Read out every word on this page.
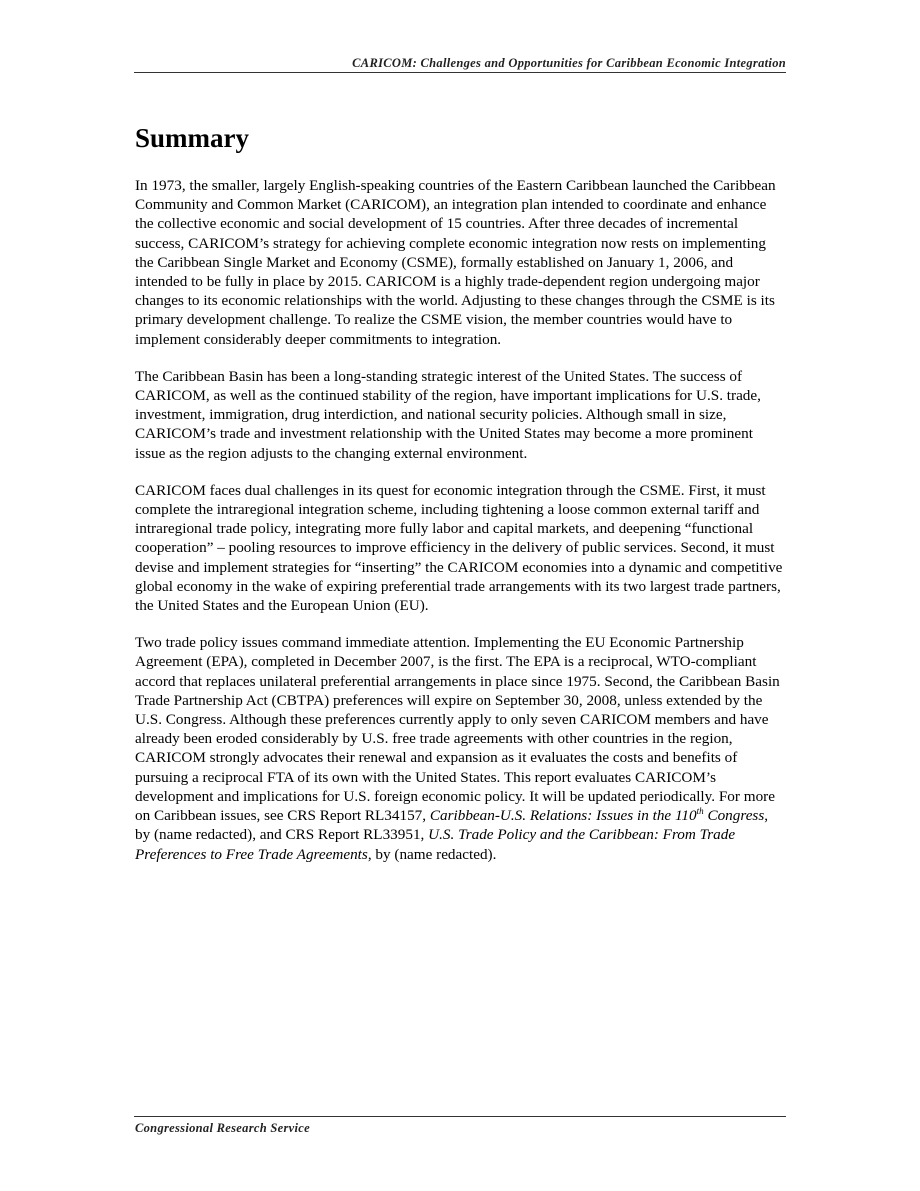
CARICOM: Challenges and Opportunities for Caribbean Economic Integration
Summary

In 1973, the smaller, largely English-speaking countries of the Eastern Caribbean launched the Caribbean Community and Common Market (CARICOM), an integration plan intended to coordinate and enhance the collective economic and social development of 15 countries. After three decades of incremental success, CARICOM’s strategy for achieving complete economic integration now rests on implementing the Caribbean Single Market and Economy (CSME), formally established on January 1, 2006, and intended to be fully in place by 2015. CARICOM is a highly trade-dependent region undergoing major changes to its economic relationships with the world. Adjusting to these changes through the CSME is its primary development challenge. To realize the CSME vision, the member countries would have to implement considerably deeper commitments to integration.

The Caribbean Basin has been a long-standing strategic interest of the United States. The success of CARICOM, as well as the continued stability of the region, have important implications for U.S. trade, investment, immigration, drug interdiction, and national security policies. Although small in size, CARICOM’s trade and investment relationship with the United States may become a more prominent issue as the region adjusts to the changing external environment.

CARICOM faces dual challenges in its quest for economic integration through the CSME. First, it must complete the intraregional integration scheme, including tightening a loose common external tariff and intraregional trade policy, integrating more fully labor and capital markets, and deepening “functional cooperation” – pooling resources to improve efficiency in the delivery of public services. Second, it must devise and implement strategies for “inserting” the CARICOM economies into a dynamic and competitive global economy in the wake of expiring preferential trade arrangements with its two largest trade partners, the United States and the European Union (EU).

Two trade policy issues command immediate attention. Implementing the EU Economic Partnership Agreement (EPA), completed in December 2007, is the first. The EPA is a reciprocal, WTO-compliant accord that replaces unilateral preferential arrangements in place since 1975. Second, the Caribbean Basin Trade Partnership Act (CBTPA) preferences will expire on September 30, 2008, unless extended by the U.S. Congress. Although these preferences currently apply to only seven CARICOM members and have already been eroded considerably by U.S. free trade agreements with other countries in the region, CARICOM strongly advocates their renewal and expansion as it evaluates the costs and benefits of pursuing a reciprocal FTA of its own with the United States. This report evaluates CARICOM’s development and implications for U.S. foreign economic policy. It will be updated periodically. For more on Caribbean issues, see CRS Report RL34157, Caribbean-U.S. Relations: Issues in the 110th Congress, by (name redacted), and CRS Report RL33951, U.S. Trade Policy and the Caribbean: From Trade Preferences to Free Trade Agreements, by (name redacted).

Congressional Research Service
